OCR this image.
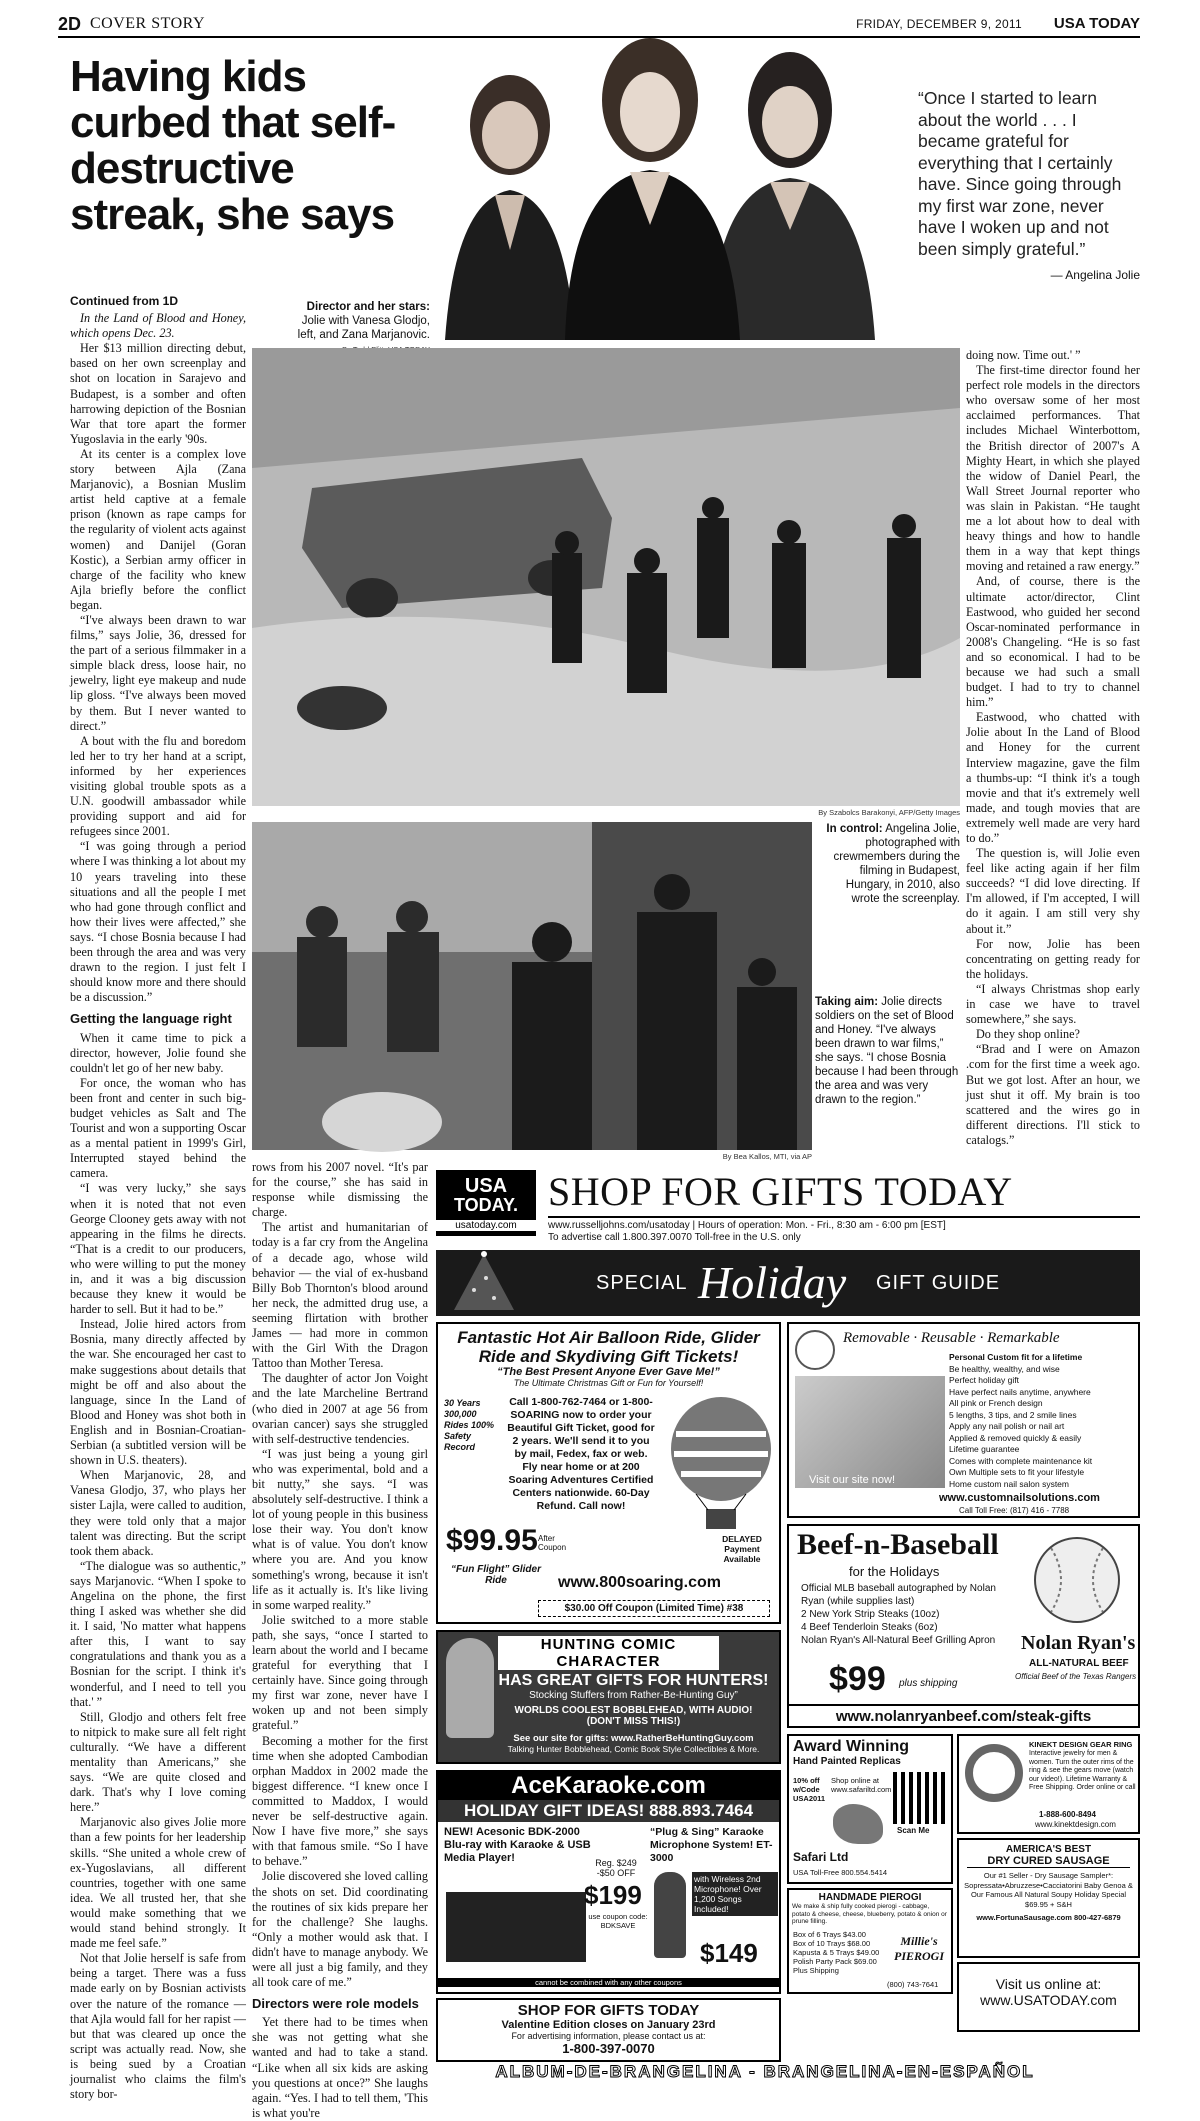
2D COVER STORY	FRIDAY, DECEMBER 9, 2011 USA TODAY
Having kids curbed that self-destructive streak, she says
Director and her stars: Jolie with Vanesa Glodjo, left, and Zana Marjanovic.

“Once I started to learn about the world . . . I became grateful for everything that I certainly have. Since going through my first war zone, never have I woken up and not been simply grateful.”

— Angelina Jolie

Continued from 1D

In the Land of Blood and Honey, which opens Dec. 23.

Her $13 million directing debut, based on her own screenplay and shot on location in Sarajevo and Budapest, is a somber and often harrowing depiction of the Bosnian War that tore apart the former Yugoslavia in the early '90s.

At its center is a complex love story between Ajla (Zana Marjanovic), a Bosnian Muslim artist held captive at a female prison (known as rape camps for the regularity of violent acts against women) and Danijel (Goran Kostic), a Serbian army officer in charge of the facility who knew Ajla briefly before the conflict began.

“I've always been drawn to war films,” says Jolie, 36, dressed for the part of a serious filmmaker in a simple black dress, loose hair, no jewelry, light eye makeup and nude lip gloss. “I've always been moved by them. But I never wanted to direct.”

A bout with the flu and boredom led her to try her hand at a script, informed by her experiences visiting global trouble spots as a U.N. goodwill ambassador while providing support and aid for refugees since 2001.

“I was going through a period where I was thinking a lot about my 10 years traveling into these situations and all the people I met who had gone through conflict and how their lives were affected,” she says. “I chose Bosnia because I had been through the area and was very drawn to the region. I just felt I should know more and there should be a discussion.”

Getting the language right

When it came time to pick a director, however, Jolie found she couldn't let go of her new baby.

For once, the woman who has been front and center in such big-budget vehicles as Salt and The Tourist and won a supporting Oscar as a mental patient in 1999's Girl, Interrupted stayed behind the camera.

“I was very lucky,” she says when it is noted that not even George Clooney gets away with not appearing in the films he directs. “That is a credit to our producers, who were willing to put the money in, and it was a big discussion because they knew it would be harder to sell. But it had to be.”

Instead, Jolie hired actors from Bosnia, many directly affected by the war. She encouraged her cast to make suggestions about details that might be off and also about the language, since In the Land of Blood and Honey was shot both in English and in Bosnian-Croatian-Serbian (a subtitled version will be shown in U.S. theaters).

When Marjanovic, 28, and Vanesa Glodjo, 37, who plays her sister Lajla, were called to audition, they were told only that a major talent was directing. But the script took them aback.

“The dialogue was so authentic,” says Marjanovic. “When I spoke to Angelina on the phone, the first thing I asked was whether she did it. I said, 'No matter what happens after this, I want to say congratulations and thank you as a Bosnian for the script. I think it's wonderful, and I need to tell you that.' ”

Still, Glodjo and others felt free to nitpick to make sure all felt right culturally. “We have a different mentality than Americans,” she says. “We are quite closed and dark. That's why I love coming here.”

Marjanovic also gives Jolie more than a few points for her leadership skills. “She united a whole crew of ex-Yugoslavians, all different countries, together with one same idea. We all trusted her, that she would make something that we would stand behind strongly. It made me feel safe.”

Not that Jolie herself is safe from being a target. There was a fuss made early on by Bosnian activists over the nature of the romance — that Ajla would fall for her rapist — but that was cleared up once the script was actually read. Now, she is being sued by a Croatian journalist who claims the film's story bor-

By Szabolcs Barakonyi, AFP/Getty Images
By Bea Kallos, MTI, via AP
In control: Angelina Jolie, photographed with crewmembers during the filming in Budapest, Hungary, in 2010, also wrote the screenplay.
Taking aim: Jolie directs soldiers on the set of Blood and Honey. “I've always been drawn to war films,” she says. “I chose Bosnia because I had been through the area and was very drawn to the region.”

doing now. Time out.' ”

The first-time director found her perfect role models in the directors who oversaw some of her most acclaimed performances. That includes Michael Winterbottom, the British director of 2007's A Mighty Heart, in which she played the widow of Daniel Pearl, the Wall Street Journal reporter who was slain in Pakistan. “He taught me a lot about how to deal with heavy things and how to handle them in a way that kept things moving and retained a raw energy.”

And, of course, there is the ultimate actor/director, Clint Eastwood, who guided her second Oscar-nominated performance in 2008's Changeling. “He is so fast and so economical. I had to be because we had such a small budget. I had to try to channel him.”

Eastwood, who chatted with Jolie about In the Land of Blood and Honey for the current Interview magazine, gave the film a thumbs-up: “I think it's a tough movie and that it's extremely well made, and tough movies that are extremely well made are very hard to do.”

The question is, will Jolie even feel like acting again if her film succeeds? “I did love directing. If I'm allowed, if I'm accepted, I will do it again. I am still very shy about it.”

For now, Jolie has been concentrating on getting ready for the holidays.

“I always Christmas shop early in case we have to travel somewhere,” she says.

Do they shop online?

“Brad and I were on Amazon .com for the first time a week ago. But we got lost. After an hour, we just shut it off. My brain is too scattered and the wires go in different directions. I'll stick to catalogs.”

rows from his 2007 novel. “It's par for the course,” she has said in response while dismissing the charge.

The artist and humanitarian of today is a far cry from the Angelina of a decade ago, whose wild behavior — the vial of ex-husband Billy Bob Thornton's blood around her neck, the admitted drug use, a seeming flirtation with brother James — had more in common with the Girl With the Dragon Tattoo than Mother Teresa.

The daughter of actor Jon Voight and the late Marcheline Bertrand (who died in 2007 at age 56 from ovarian cancer) says she struggled with self-destructive tendencies.

“I was just being a young girl who was experimental, bold and a bit nutty,” she says. “I was absolutely self-destructive. I think a lot of young people in this business lose their way. You don't know what is of value. You don't know where you are. And you know something's wrong, because it isn't life as it actually is. It's like living in some warped reality.”

Jolie switched to a more stable path, she says, “once I started to learn about the world and I became grateful for everything that I certainly have. Since going through my first war zone, never have I woken up and not been simply grateful.”

Becoming a mother for the first time when she adopted Cambodian orphan Maddox in 2002 made the biggest difference. “I knew once I committed to Maddox, I would never be self-destructive again. Now I have five more,” she says with that famous smile. “So I have to behave.”

Jolie discovered she loved calling the shots on set. Did coordinating the routines of six kids prepare her for the challenge? She laughs. “Only a mother would ask that. I didn't have to manage anybody. We were all just a big family, and they all took care of me.”

Directors were role models

Yet there had to be times when she was not getting what she wanted and had to take a stand. “Like when all six kids are asking you questions at once?” She laughs again. “Yes. I had to tell them, 'This is what you're

USA
TODAY.
usatoday.com
SHOP FOR GIFTS TODAY
www.russelljohns.com/usatoday | Hours of operation: Mon. - Fri., 8:30 am - 6:00 pm [EST]
To advertise call 1.800.397.0070 Toll-free in the U.S. only
SPECIAL Holiday GIFT GUIDE
Fantastic Hot Air Balloon Ride, Glider Ride and Skydiving Gift Tickets!
“The Best Present Anyone Ever Gave Me!”
The Ultimate Christmas Gift or Fun for Yourself!
30 Years 300,000 Rides 100% Safety Record
Call 1-800-762-7464 or 1-800-SOARING now to order your Beautiful Gift Ticket, good for 2 years. We'll send it to you by mail, Fedex, fax or web. Fly near home or at 200 Soaring Adventures Certified Centers nationwide. 60-Day Refund. Call now!
DELAYED Payment Available
$99.95 After Coupon
“Fun Flight” Glider Ride	www.800soaring.com
$30.00 Off Coupon (Limited Time) #38
Removable · Reusable · Remarkable
Personal Custom fit for a lifetime
Be healthy, wealthy, and wise
Perfect holiday gift
Have perfect nails anytime, anywhere
All pink or French design
5 lengths, 3 tips, and 2 smile lines
Apply any nail polish or nail art
Applied & removed quickly & easily
Lifetime guarantee
Comes with complete maintenance kit
Own Multiple sets to fit your lifestyle
Home custom nail salon system
Visit our site now!
www.customnailsolutions.com
Call Toll Free: (817) 416 - 7788
Beef-n-Baseball
for the Holidays
Official MLB baseball autographed by Nolan Ryan (while supplies last)
2 New York Strip Steaks (10oz)
4 Beef Tenderloin Steaks (6oz)
Nolan Ryan's All-Natural Beef Grilling Apron
$99 plus shipping
Nolan Ryan's
ALL-NATURAL BEEF
Official Beef of the Texas Rangers
www.nolanryanbeef.com/steak-gifts
HUNTING COMIC CHARACTER
HAS GREAT GIFTS FOR HUNTERS!
Stocking Stuffers from Rather-Be-Hunting Guy”
WORLDS COOLEST BOBBLEHEAD, WITH AUDIO!
(DON'T MISS THIS!)
See our site for gifts: www.RatherBeHuntingGuy.com
Talking Hunter Bobblehead, Comic Book Style Collectibles & More.
AceKaraoke.com
HOLIDAY GIFT IDEAS! 888.893.7464
NEW! Acesonic BDK-2000 Blu-ray with Karaoke & USB Media Player!	Reg. $249 -$50 OFF
$199
use coupon code: BDKSAVE
“Plug & Sing” Karaoke Microphone System! ET-3000
with Wireless 2nd Microphone! Over 1,200 Songs Included!
$149
cannot be combined with any other coupons
Award Winning
Hand Painted Replicas
10% off w/Code USA2011
Shop online at www.safariltd.com
Scan Me
Safari Ltd
USA Toll-Free 800.554.5414
KINEKT DESIGN GEAR RING
Interactive jewelry for men & women. Turn the outer rims of the ring & see the gears move (watch our video!). Lifetime Warranty & Free Shipping. Order online or call
1-888-600-8494
www.kinektdesign.com
AMERICA'S BEST
DRY CURED SAUSAGE
Our #1 Seller - Dry Sausage Sampler*: Sopressata•Abruzzese•Cacciatorini Baby Genoa & Our Famous All Natural Soupy Holiday Special $69.95 + S&H
www.FortunaSausage.com 800-427-6879
HANDMADE PIEROGI
We make & ship fully cooked pierogi - cabbage, potato & cheese, cheese, blueberry, potato & onion or prune filling.
Box of 6 Trays $43.00
Box of 10 Trays $68.00
Kapusta & 5 Trays $49.00
Polish Party Pack $69.00
Plus Shipping
Millie's PIEROGI
(800) 743-7641	Visit us online at:
www.USATODAY.com
SHOP FOR GIFTS TODAY
Valentine Edition closes on January 23rd
For advertising information, please contact us at:
1-800-397-0070
ALBUM-DE-BRANGELINA - BRANGELINA-EN-ESPAÑOL
